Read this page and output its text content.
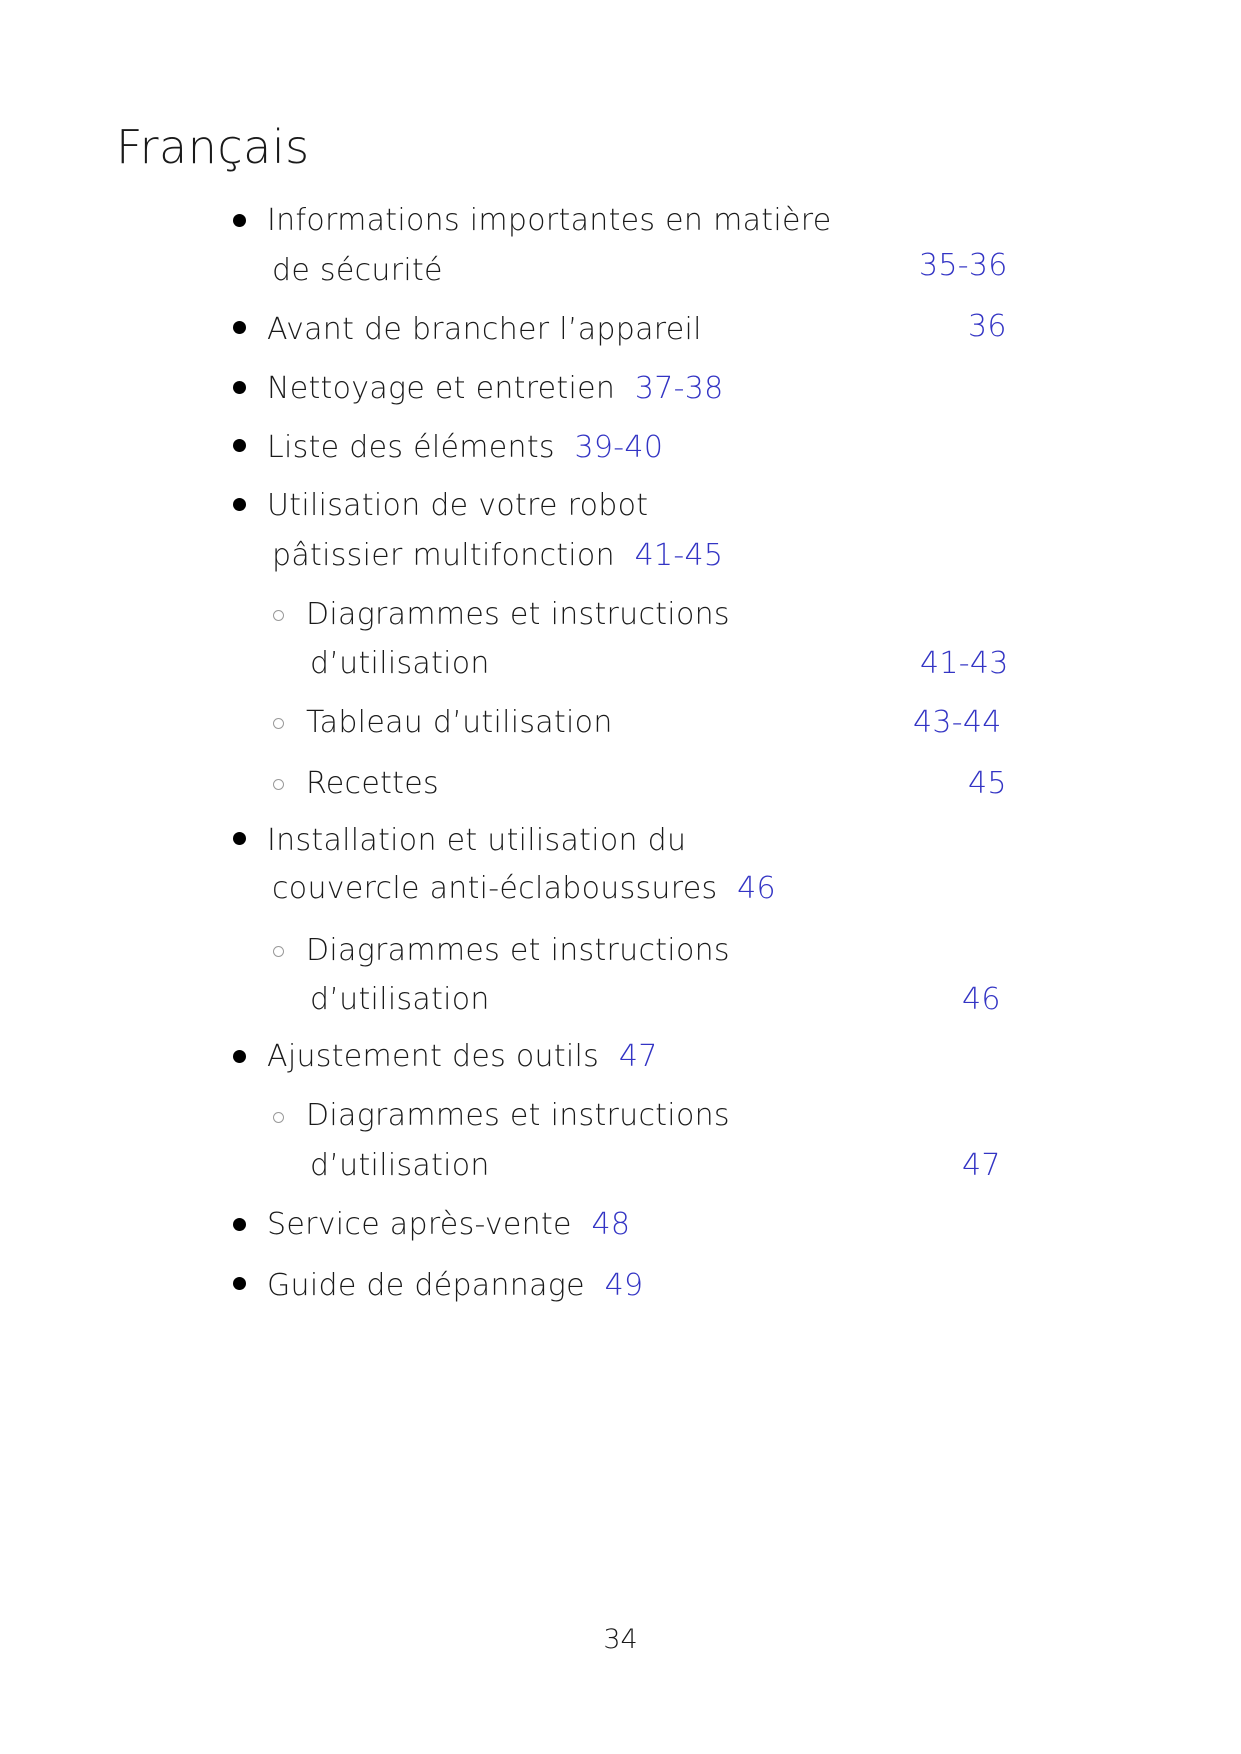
Français
Informations importantes en matière
de sécurité	35-36
Avant de brancher l’appareil	36
Nettoyage et entretien 37-38
Liste des éléments 39-40
Utilisation de votre robot
pâtissier multifonction 41-45
Diagrammes et instructions
d’utilisation	41-43
Tableau d’utilisation	43-44
Recettes	45
Installation et utilisation du
couvercle anti-éclaboussures 46
Diagrammes et instructions
d’utilisation	46
Ajustement des outils 47
Diagrammes et instructions
d’utilisation	47
Service après-vente 48
Guide de dépannage 49
34
